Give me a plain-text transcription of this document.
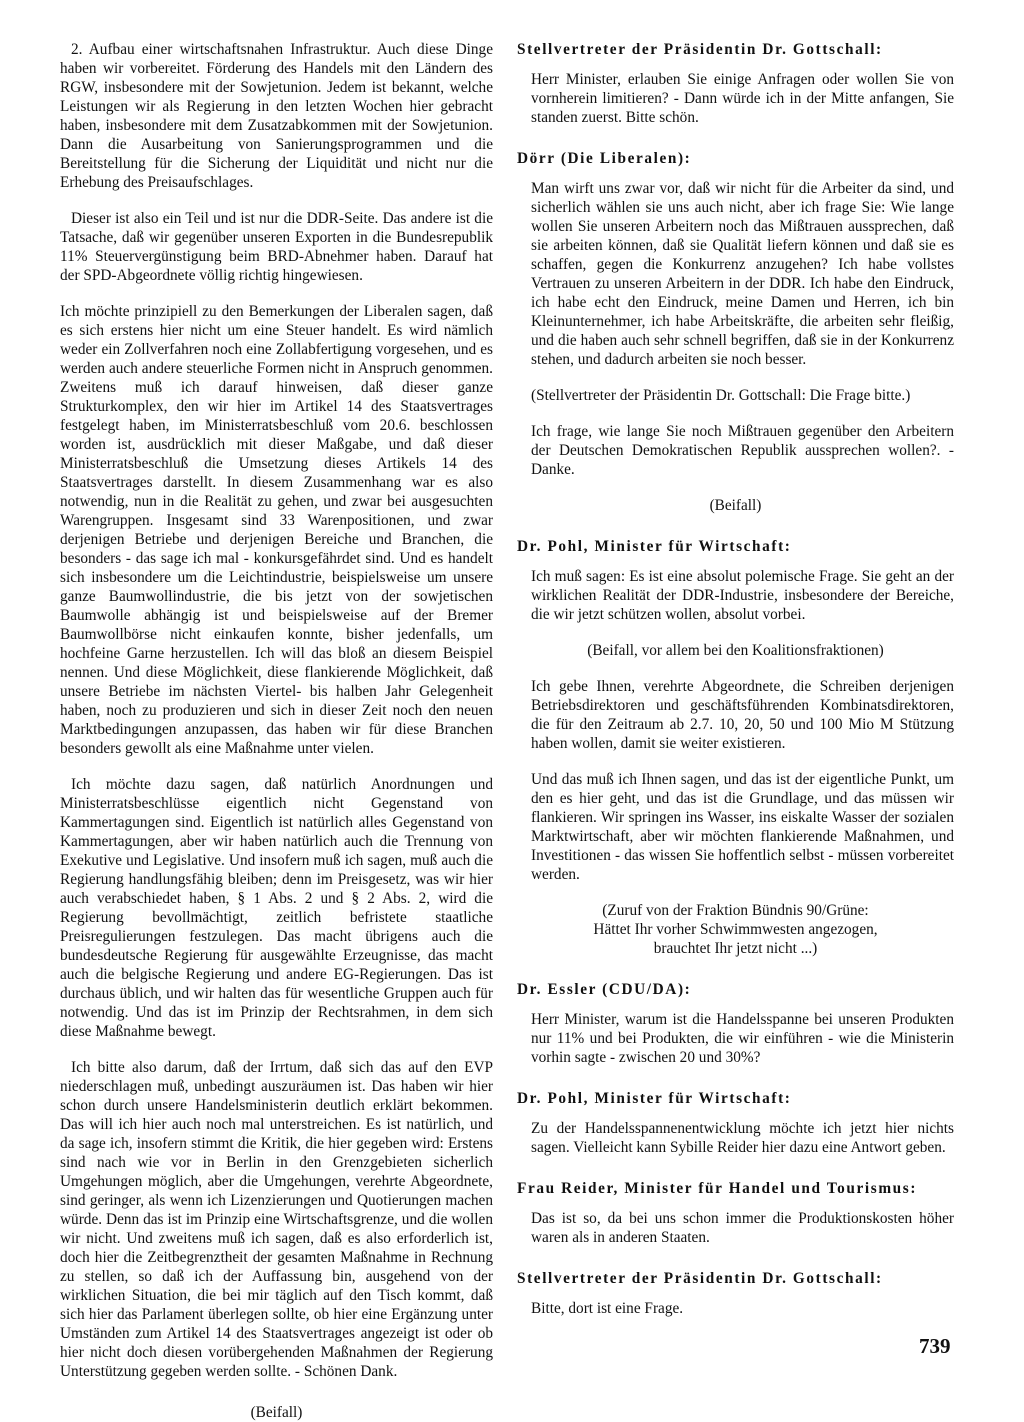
2. Aufbau einer wirtschaftsnahen Infrastruktur. Auch diese Dinge haben wir vorbereitet. Förderung des Handels mit den Ländern des RGW, insbesondere mit der Sowjetunion. Jedem ist bekannt, welche Leistungen wir als Regierung in den letzten Wochen hier gebracht haben, insbesondere mit dem Zusatzabkommen mit der Sowjetunion. Dann die Ausarbeitung von Sanierungsprogrammen und die Bereitstellung für die Sicherung der Liquidität und nicht nur die Erhebung des Preisaufschlages.

Dieser ist also ein Teil und ist nur die DDR-Seite. Das andere ist die Tatsache, daß wir gegenüber unseren Exporten in die Bundesrepublik 11% Steuervergünstigung beim BRD-Abnehmer haben. Darauf hat der SPD-Abgeordnete völlig richtig hingewiesen.

Ich möchte prinzipiell zu den Bemerkungen der Liberalen sagen, daß es sich erstens hier nicht um eine Steuer handelt. Es wird nämlich weder ein Zollverfahren noch eine Zollabfertigung vorgesehen, und es werden auch andere steuerliche Formen nicht in Anspruch genommen. Zweitens muß ich darauf hinweisen, daß dieser ganze Strukturkomplex, den wir hier im Artikel 14 des Staatsvertrages festgelegt haben, im Ministerratsbeschluß vom 20.6. beschlossen worden ist, ausdrücklich mit dieser Maßgabe, und daß dieser Ministerratsbeschluß die Umsetzung dieses Artikels 14 des Staatsvertrages darstellt. In diesem Zusammenhang war es also notwendig, nun in die Realität zu gehen, und zwar bei ausgesuchten Warengruppen. Insgesamt sind 33 Warenpositionen, und zwar derjenigen Betriebe und derjenigen Bereiche und Branchen, die besonders - das sage ich mal - konkursgefährdet sind. Und es handelt sich insbesondere um die Leichtindustrie, beispielsweise um unsere ganze Baumwollindustrie, die bis jetzt von der sowjetischen Baumwolle abhängig ist und beispielsweise auf der Bremer Baumwollbörse nicht einkaufen konnte, bisher jedenfalls, um hochfeine Garne herzustellen. Ich will das bloß an diesem Beispiel nennen. Und diese Möglichkeit, diese flankierende Möglichkeit, daß unsere Betriebe im nächsten Viertel- bis halben Jahr Gelegenheit haben, noch zu produzieren und sich in dieser Zeit noch den neuen Marktbedingungen anzupassen, das haben wir für diese Branchen besonders gewollt als eine Maßnahme unter vielen.

Ich möchte dazu sagen, daß natürlich Anordnungen und Ministerratsbeschlüsse eigentlich nicht Gegenstand von Kammertagungen sind. Eigentlich ist natürlich alles Gegenstand von Kammertagungen, aber wir haben natürlich auch die Trennung von Exekutive und Legislative. Und insofern muß ich sagen, muß auch die Regierung handlungsfähig bleiben; denn im Preisgesetz, was wir hier auch verabschiedet haben, § 1 Abs. 2 und § 2 Abs. 2, wird die Regierung bevollmächtigt, zeitlich befristete staatliche Preisregulierungen festzulegen. Das macht übrigens auch die bundesdeutsche Regierung für ausgewählte Erzeugnisse, das macht auch die belgische Regierung und andere EG-Regierungen. Das ist durchaus üblich, und wir halten das für wesentliche Gruppen auch für notwendig. Und das ist im Prinzip der Rechtsrahmen, in dem sich diese Maßnahme bewegt.

Ich bitte also darum, daß der Irrtum, daß sich das auf den EVP niederschlagen muß, unbedingt auszuräumen ist. Das haben wir hier schon durch unsere Handelsministerin deutlich erklärt bekommen. Das will ich hier auch noch mal unterstreichen. Es ist natürlich, und da sage ich, insofern stimmt die Kritik, die hier gegeben wird: Erstens sind nach wie vor in Berlin in den Grenzgebieten sicherlich Umgehungen möglich, aber die Umgehungen, verehrte Abgeordnete, sind geringer, als wenn ich Lizenzierungen und Quotierungen machen würde. Denn das ist im Prinzip eine Wirtschaftsgrenze, und die wollen wir nicht. Und zweitens muß ich sagen, daß es also erforderlich ist, doch hier die Zeitbegrenztheit der gesamten Maßnahme in Rechnung zu stellen, so daß ich der Auffassung bin, ausgehend von der wirklichen Situation, die bei mir täglich auf den Tisch kommt, daß sich hier das Parlament überlegen sollte, ob hier eine Ergänzung unter Umständen zum Artikel 14 des Staatsvertrages angezeigt ist oder ob hier nicht doch diesen vorübergehenden Maßnahmen der Regierung Unterstützung gegeben werden sollte. - Schönen Dank.

(Beifall)

Stellvertreter der Präsidentin Dr. Gottschall:

Herr Minister, erlauben Sie einige Anfragen oder wollen Sie von vornherein limitieren? - Dann würde ich in der Mitte anfangen, Sie standen zuerst. Bitte schön.

Dörr (Die Liberalen):

Man wirft uns zwar vor, daß wir nicht für die Arbeiter da sind, und sicherlich wählen sie uns auch nicht, aber ich frage Sie: Wie lange wollen Sie unseren Arbeitern noch das Mißtrauen aussprechen, daß sie arbeiten können, daß sie Qualität liefern können und daß sie es schaffen, gegen die Konkurrenz anzugehen? Ich habe vollstes Vertrauen zu unseren Arbeitern in der DDR. Ich habe den Eindruck, ich habe echt den Eindruck, meine Damen und Herren, ich bin Kleinunternehmer, ich habe Arbeitskräfte, die arbeiten sehr fleißig, und die haben auch sehr schnell begriffen, daß sie in der Konkurrenz stehen, und dadurch arbeiten sie noch besser.

(Stellvertreter der Präsidentin Dr. Gottschall: Die Frage bitte.)

Ich frage, wie lange Sie noch Mißtrauen gegenüber den Arbeitern der Deutschen Demokratischen Republik aussprechen wollen?. - Danke.

(Beifall)

Dr. Pohl, Minister für Wirtschaft:

Ich muß sagen: Es ist eine absolut polemische Frage. Sie geht an der wirklichen Realität der DDR-Industrie, insbesondere der Bereiche, die wir jetzt schützen wollen, absolut vorbei.

(Beifall, vor allem bei den Koalitionsfraktionen)

Ich gebe Ihnen, verehrte Abgeordnete, die Schreiben derjenigen Betriebsdirektoren und geschäftsführenden Kombinatsdirektoren, die für den Zeitraum ab 2.7. 10, 20, 50 und 100 Mio M Stützung haben wollen, damit sie weiter existieren.

Und das muß ich Ihnen sagen, und das ist der eigentliche Punkt, um den es hier geht, und das ist die Grundlage, und das müssen wir flankieren. Wir springen ins Wasser, ins eiskalte Wasser der sozialen Marktwirtschaft, aber wir möchten flankierende Maßnahmen, und Investitionen - das wissen Sie hoffentlich selbst - müssen vorbereitet werden.

(Zuruf von der Fraktion Bündnis 90/Grüne:

Hättet Ihr vorher Schwimmwesten angezogen,

brauchtet Ihr jetzt nicht ...)

Dr. Essler (CDU/DA):

Herr Minister, warum ist die Handelsspanne bei unseren Produkten nur 11% und bei Produkten, die wir einführen - wie die Ministerin vorhin sagte - zwischen 20 und 30%?

Dr. Pohl, Minister für Wirtschaft:

Zu der Handelsspannenentwicklung möchte ich jetzt hier nichts sagen. Vielleicht kann Sybille Reider hier dazu eine Antwort geben.

Frau Reider, Minister für Handel und Tourismus:

Das ist so, da bei uns schon immer die Produktionskosten höher waren als in anderen Staaten.

Stellvertreter der Präsidentin Dr. Gottschall:

Bitte, dort ist eine Frage.

739
